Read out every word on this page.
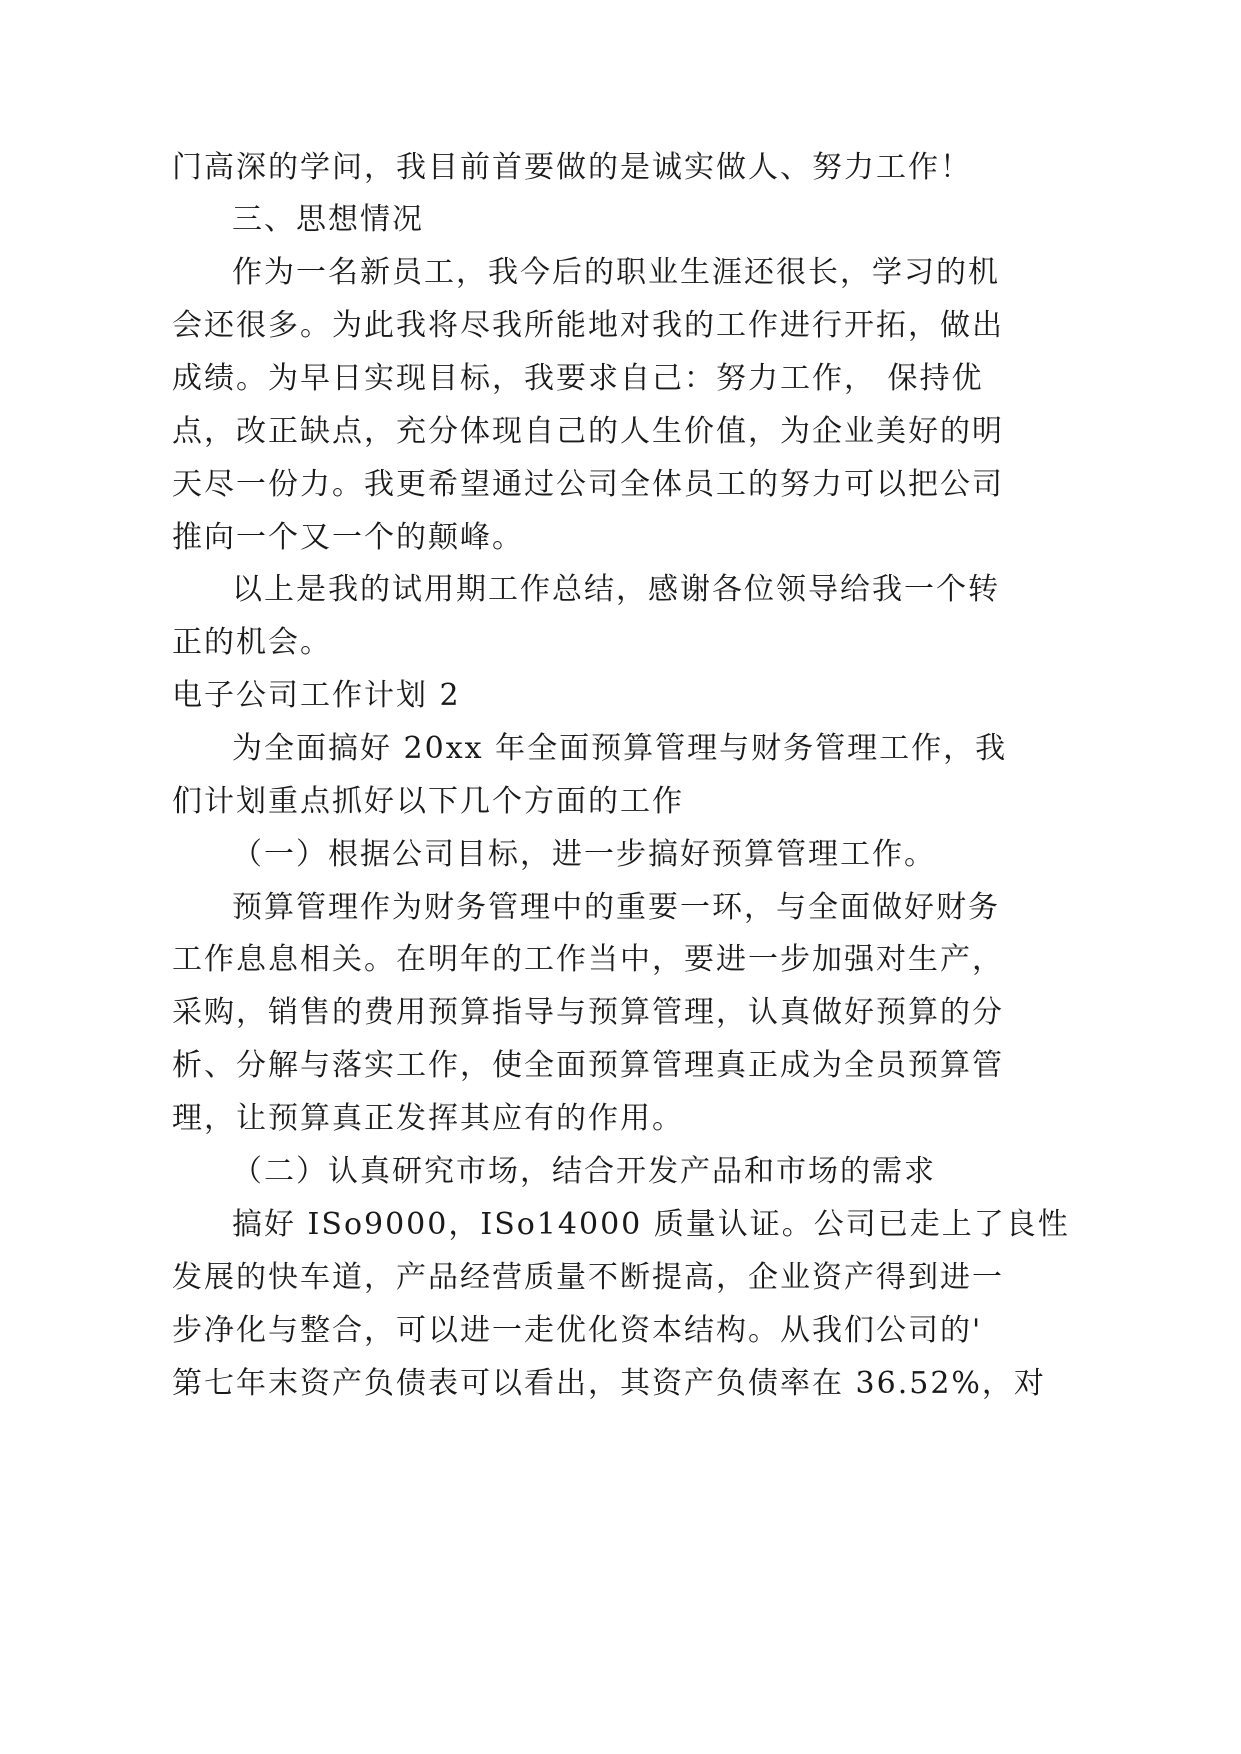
门高深的学问，我目前首要做的是诚实做人、努力工作！
三、思想情况
作为一名新员工，我今后的职业生涯还很长，学习的机
会还很多。为此我将尽我所能地对我的工作进行开拓，做出
成绩。为早日实现目标，我要求自己：努力工作， 保持优
点，改正缺点，充分体现自己的人生价值，为企业美好的明
天尽一份力。我更希望通过公司全体员工的努力可以把公司
推向一个又一个的颠峰。
以上是我的试用期工作总结，感谢各位领导给我一个转
正的机会。
电子公司工作计划 2
为全面搞好 20xx 年全面预算管理与财务管理工作，我
们计划重点抓好以下几个方面的工作
（一）根据公司目标，进一步搞好预算管理工作。
预算管理作为财务管理中的重要一环，与全面做好财务
工作息息相关。在明年的工作当中，要进一步加强对生产，
采购，销售的费用预算指导与预算管理，认真做好预算的分
析、分解与落实工作，使全面预算管理真正成为全员预算管
理，让预算真正发挥其应有的作用。
（二）认真研究市场，结合开发产品和市场的需求
搞好 ISo9000，ISo14000 质量认证。公司已走上了良性
发展的快车道，产品经营质量不断提高，企业资产得到进一
步净化与整合，可以进一走优化资本结构。从我们公司的'
第七年末资产负债表可以看出，其资产负债率在 36.52%，对
